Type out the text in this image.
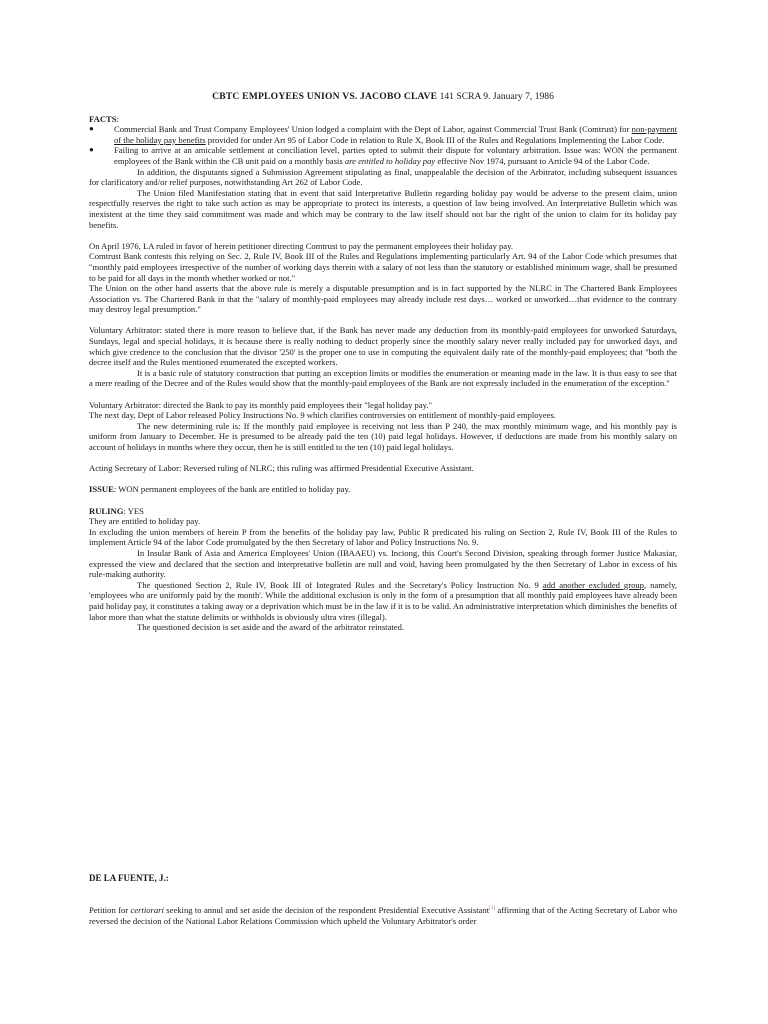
CBTC EMPLOYEES UNION VS. JACOBO CLAVE 141 SCRA 9. January 7, 1986

FACTS:

● Commercial Bank and Trust Company Employees' Union lodged a complaint with the Dept of Labor, against Commercial Trust Bank (Comtrust) for non-payment of the holiday pay benefits provided for under Art 95 of Labor Code in relation to Rule X, Book III of the Rules and Regulations Implementing the Labor Code.

● Failing to arrive at an amicable settlement at conciliation level, parties opted to submit their dispute for voluntary arbitration. Issue was: WON the permanent employees of the Bank within the CB unit paid on a monthly basis are entitled to holiday pay effective Nov 1974, pursuant to Article 94 of the Labor Code.

In addition, the disputants signed a Submission Agreement stipulating as final, unappealable the decision of the Arbitrator, including subsequent issuances for clarificatory and/or relief purposes, notwithstanding Art 262 of Labor Code.

The Union filed Manifestation stating that in event that said Interpretative Bulletin regarding holiday pay would be adverse to the present claim, union respectfully reserves the right to take such action as may be appropriate to protect its interests, a question of law being involved. An Interpretative Bulletin which was inexistent at the time they said commitment was made and which may be contrary to the law itself should not bar the right of the union to claim for its holiday pay benefits.

On April 1976, LA ruled in favor of herein petitioner directing Comtrust to pay the permanent employees their holiday pay.

Comtrust Bank contests this relying on Sec. 2, Rule IV, Book III of the Rules and Regulations implementing particularly Art. 94 of the Labor Code which presumes that "monthly paid employees irrespective of the number of working days therein with a salary of not less than the statutory or established minimum wage, shall be presumed to be paid for all days in the month whether worked or not."

The Union on the other hand asserts that the above rule is merely a disputable presumption and is in fact supported by the NLRC in The Chartered Bank Employees Association vs. The Chartered Bank in that the "salary of monthly-paid employees may already include rest days… worked or unworked…that evidence to the contrary may destroy legal presumption."

Voluntary Arbitrator: stated there is more reason to believe that, if the Bank has never made any deduction from its monthly-paid employees for unworked Saturdays, Sundays, legal and special holidays, it is because there is really nothing to deduct properly since the monthly salary never really included pay for unworked days, and which give credence to the conclusion that the divisor '250' is the proper one to use in computing the equivalent daily rate of the monthly-paid employees; that "both the decree itself and the Rules mentioned enumerated the excepted workers.

It is a basic rule of statutory construction that putting an exception limits or modifies the enumeration or meaning made in the law. It is thus easy to see that a mere reading of the Decree and of the Rules would show that the monthly-paid employees of the Bank are not expressly included in the enumeration of the exception."

Voluntary Arbitrator: directed the Bank to pay its monthly paid employees their "legal holiday pay."

The next day, Dept of Labor released Policy Instructions No. 9 which clarifies controversies on entitlement of monthly-paid employees.

The new determining rule is: If the monthly paid employee is receiving not less than P 240, the max monthly minimum wage, and his monthly pay is uniform from January to December. He is presumed to be already paid the ten (10) paid legal holidays. However, if deductions are made from his monthly salary on account of holidays in months where they occur, then he is still entitled to the ten (10) paid legal holidays.

Acting Secretary of Labor: Reversed ruling of NLRC; this ruling was affirmed Presidential Executive Assistant.

ISSUE: WON permanent employees of the bank are entitled to holiday pay.

RULING: YES

They are entitled to holiday pay.

In excluding the union members of herein P from the benefits of the holiday pay law, Public R predicated his ruling on Section 2, Rule IV, Book III of the Rules to implement Article 94 of the labor Code promulgated by the then Secretary of labor and Policy Instructions No. 9.

In Insular Bank of Asia and America Employees' Union (IBAAEU) vs. Inciong, this Court's Second Division, speaking through former Justice Makasiar, expressed the view and declared that the section and interpretative bulletin are null and void, having been promulgated by the then Secretary of Labor in excess of his rule-making authority.

The questioned Section 2, Rule IV, Book III of Integrated Rules and the Secretary's Policy Instruction No. 9 add another excluded group, namely, 'employees who are uniformly paid by the month'. While the additional exclusion is only in the form of a presumption that all monthly paid employees have already been paid holiday pay, it constitutes a taking away or a deprivation which must be in the law if it is to be valid. An administrative interpretation which diminishes the benefits of labor more than what the statute delimits or withholds is obviously ultra vires (illegal).

The questioned decision is set aside and the award of the arbitrator reinstated.

DE LA FUENTE, J.:

Petition for certiorari seeking to annul and set aside the decision of the respondent Presidential Executive Assistant[1] affirming that of the Acting Secretary of Labor who reversed the decision of the National Labor Relations Commission which upheld the Voluntary Arbitrator's order
